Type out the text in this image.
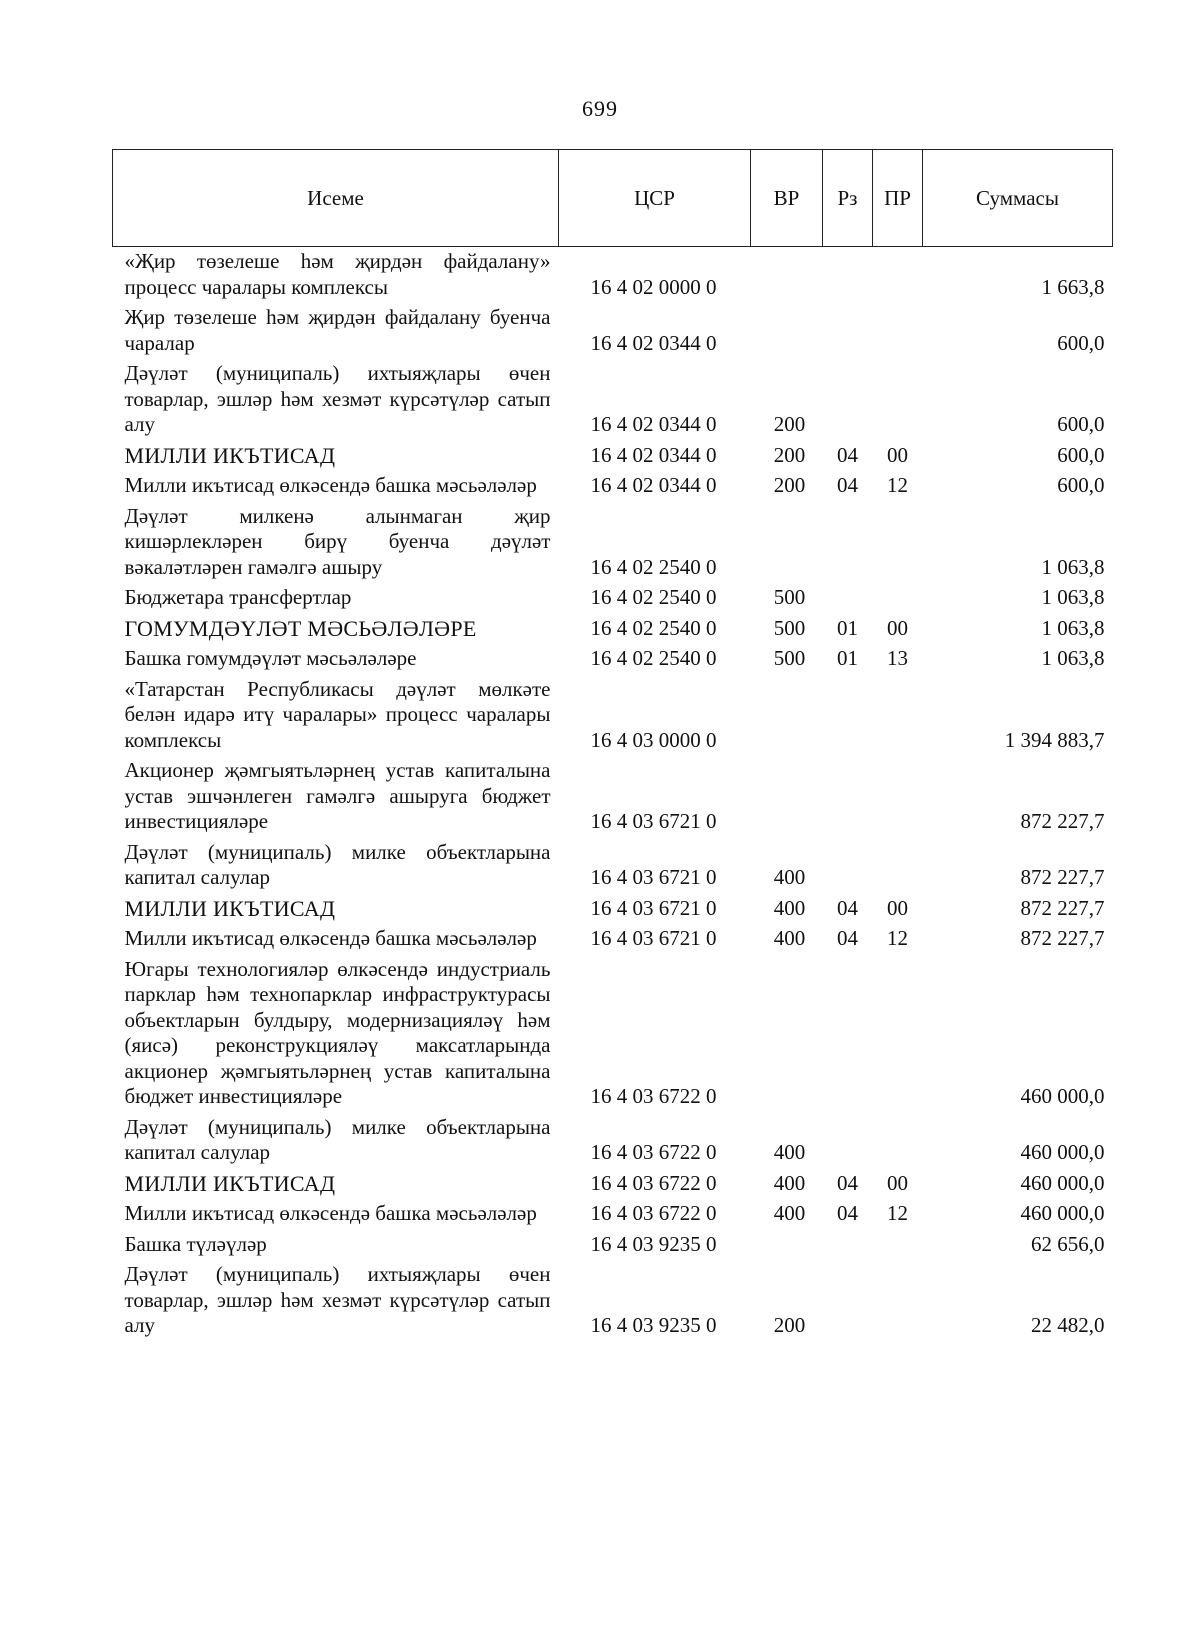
699
Исеме	ЦСР	ВР	Рз	ПР	Суммасы
«Җир төзелеше һәм җирдән файдалану» процесс чаралары комплексы	16 4 02 0000 0				1 663,8
Җир төзелеше һәм җирдән файдалану буенча чаралар	16 4 02 0344 0				600,0
Дәүләт (муниципаль) ихтыяҗлары өчен товарлар, эшләр һәм хезмәт күрсәтүләр сатып алу	16 4 02 0344 0	200			600,0
МИЛЛИ ИКЪТИСАД	16 4 02 0344 0	200	04	00	600,0
Милли икътисад өлкәсендә башка мәсьәләләр	16 4 02 0344 0	200	04	12	600,0
Дәүләт милкенә алынмаган җир кишәрлекләрен бирү буенча дәүләт вәкаләтләрен гамәлгә ашыру	16 4 02 2540 0				1 063,8
Бюджетара трансфертлар	16 4 02 2540 0	500			1 063,8
ГОМУМДӘҮЛӘТ МӘСЬӘЛӘЛӘРЕ	16 4 02 2540 0	500	01	00	1 063,8
Башка гомумдәүләт мәсьәләләре	16 4 02 2540 0	500	01	13	1 063,8
«Татарстан Республикасы дәүләт мөлкәте белән идарә итү чаралары» процесс чаралары комплексы	16 4 03 0000 0				1 394 883,7
Акционер җәмгыятьләрнең устав капиталына устав эшчәнлеген гамәлгә ашыруга бюджет инвестицияләре	16 4 03 6721 0				872 227,7
Дәүләт (муниципаль) милке объектларына капитал салулар	16 4 03 6721 0	400			872 227,7
МИЛЛИ ИКЪТИСАД	16 4 03 6721 0	400	04	00	872 227,7
Милли икътисад өлкәсендә башка мәсьәләләр	16 4 03 6721 0	400	04	12	872 227,7
Югары технологияләр өлкәсендә индустриаль парклар һәм технопарклар инфраструктурасы объектларын булдыру, модернизацияләү һәм (яисә) реконструкцияләү максатларында акционер җәмгыятьләрнең устав капиталына бюджет инвестицияләре	16 4 03 6722 0				460 000,0
Дәүләт (муниципаль) милке объектларына капитал салулар	16 4 03 6722 0	400			460 000,0
МИЛЛИ ИКЪТИСАД	16 4 03 6722 0	400	04	00	460 000,0
Милли икътисад өлкәсендә башка мәсьәләләр	16 4 03 6722 0	400	04	12	460 000,0
Башка түләүләр	16 4 03 9235 0				62 656,0
Дәүләт (муниципаль) ихтыяҗлары өчен товарлар, эшләр һәм хезмәт күрсәтүләр сатып алу	16 4 03 9235 0	200			22 482,0
